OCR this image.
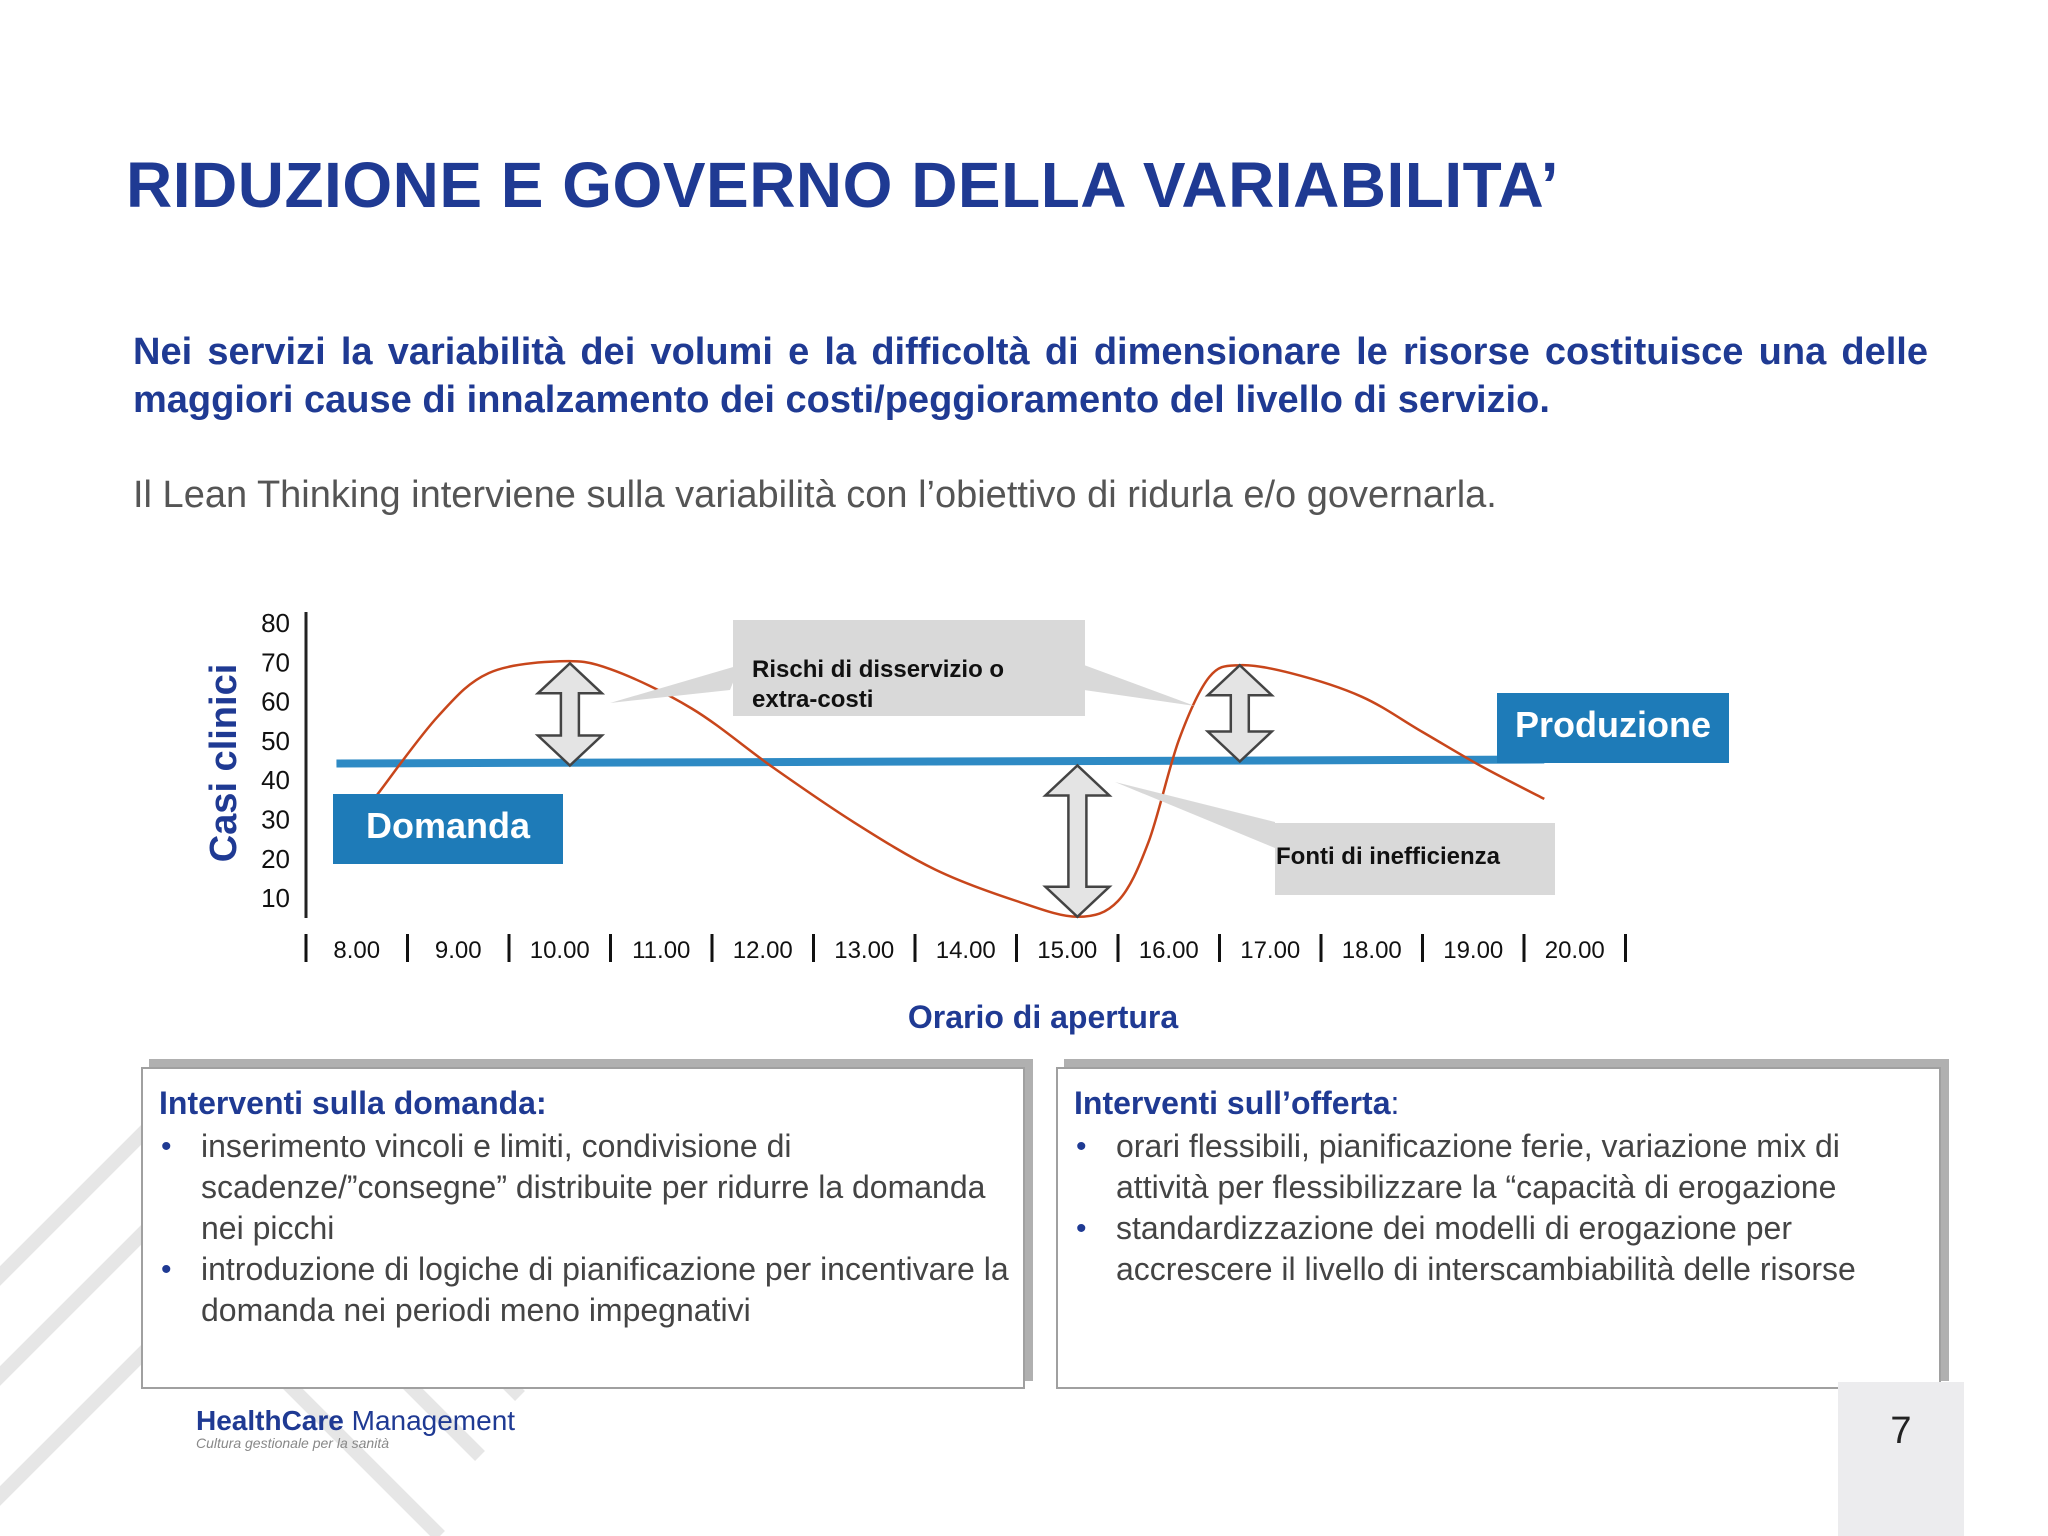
RIDUZIONE E GOVERNO DELLA VARIABILITA’
Nei servizi la variabilità dei volumi e la difficoltà di dimensionare le risorse costituisce una delle maggiori cause di innalzamento dei costi/peggioramento del livello di servizio.
Il Lean Thinking interviene sulla variabilità con l’obiettivo di ridurla e/o governarla.
80
70
60
50
40
30
20
10
Casi clinici
8.00 9.00 10.00 11.00 12.00 13.00 14.00 15.00 16.00 17.00 18.00 19.00 20.00
Orario di apertura
Rischi di disservizio o
extra-costi
Fonti di inefficienza
Domanda
Produzione
Interventi sulla domanda:
• inserimento vincoli e limiti, condivisione di scadenze/”consegne” distribuite per ridurre la domanda nei picchi
• introduzione di logiche di pianificazione per incentivare la domanda nei periodi meno impegnativi
Interventi sull’offerta:
• orari flessibili, pianificazione ferie, variazione mix di attività per flessibilizzare la “capacità di erogazione
• standardizzazione dei modelli di erogazione per accrescere il livello di interscambiabilità delle risorse
HealthCare Management
Cultura gestionale per la sanità	7
